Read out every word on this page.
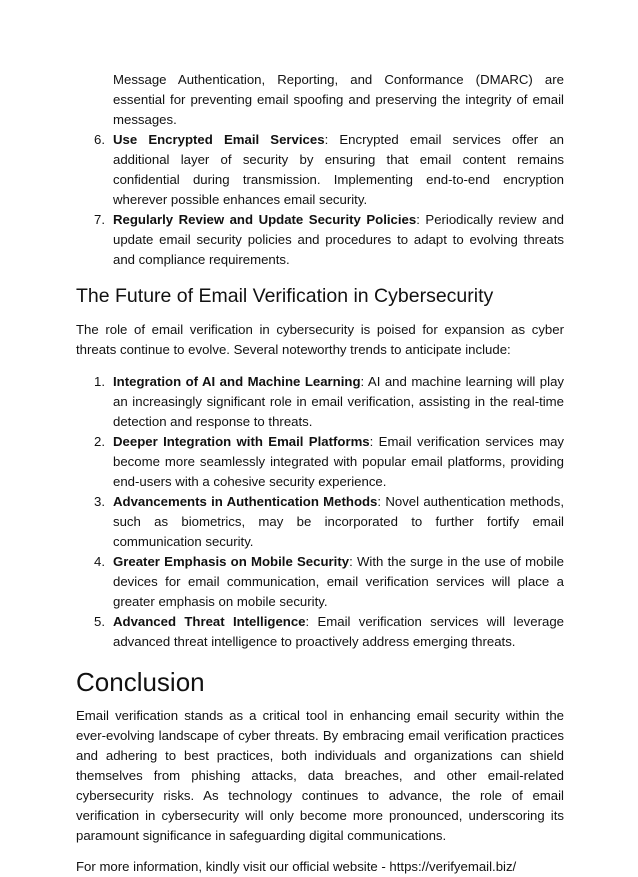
Message Authentication, Reporting, and Conformance (DMARC) are essential for preventing email spoofing and preserving the integrity of email messages.

6. Use Encrypted Email Services: Encrypted email services offer an additional layer of security by ensuring that email content remains confidential during transmission. Implementing end-to-end encryption wherever possible enhances email security.
7. Regularly Review and Update Security Policies: Periodically review and update email security policies and procedures to adapt to evolving threats and compliance requirements.
The Future of Email Verification in Cybersecurity

The role of email verification in cybersecurity is poised for expansion as cyber threats continue to evolve. Several noteworthy trends to anticipate include:

1. Integration of AI and Machine Learning: AI and machine learning will play an increasingly significant role in email verification, assisting in the real-time detection and response to threats.
2. Deeper Integration with Email Platforms: Email verification services may become more seamlessly integrated with popular email platforms, providing end-users with a cohesive security experience.
3. Advancements in Authentication Methods: Novel authentication methods, such as biometrics, may be incorporated to further fortify email communication security.
4. Greater Emphasis on Mobile Security: With the surge in the use of mobile devices for email communication, email verification services will place a greater emphasis on mobile security.
5. Advanced Threat Intelligence: Email verification services will leverage advanced threat intelligence to proactively address emerging threats.
Conclusion

Email verification stands as a critical tool in enhancing email security within the ever-evolving landscape of cyber threats. By embracing email verification practices and adhering to best practices, both individuals and organizations can shield themselves from phishing attacks, data breaches, and other email-related cybersecurity risks. As technology continues to advance, the role of email verification in cybersecurity will only become more pronounced, underscoring its paramount significance in safeguarding digital communications.

For more information, kindly visit our official website - https://verifyemail.biz/
